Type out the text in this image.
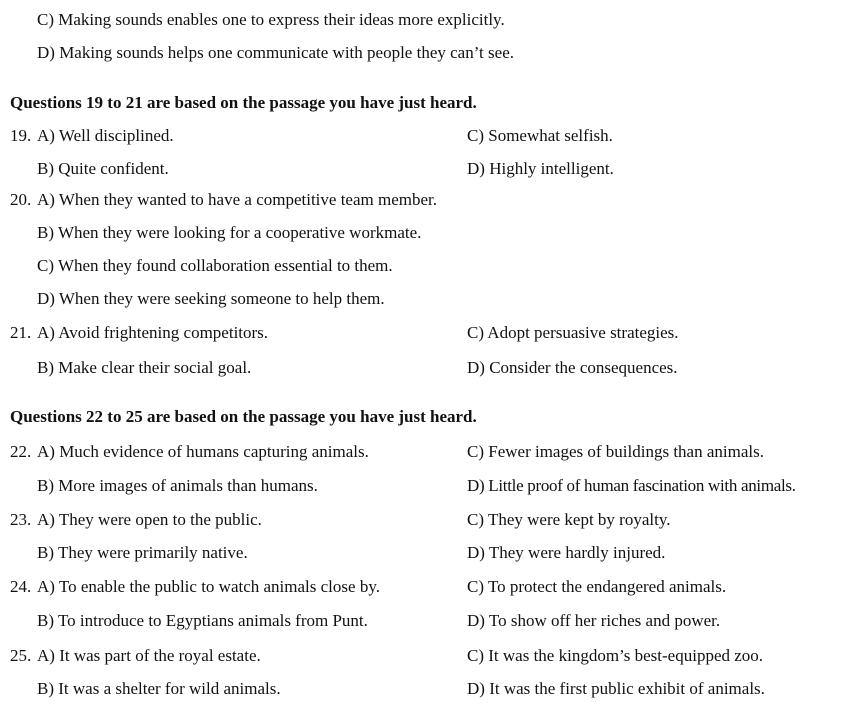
C) Making sounds enables one to express their ideas more explicitly.
D) Making sounds helps one communicate with people they can’t see.
Questions 19 to 21 are based on the passage you have just heard.
19. A) Well disciplined.	C) Somewhat selfish.
B) Quite confident.	D) Highly intelligent.
20. A) When they wanted to have a competitive team member.
B) When they were looking for a cooperative workmate.
C) When they found collaboration essential to them.
D) When they were seeking someone to help them.
21. A) Avoid frightening competitors.	C) Adopt persuasive strategies.
B) Make clear their social goal.	D) Consider the consequences.
Questions 22 to 25 are based on the passage you have just heard.
22. A) Much evidence of humans capturing animals.	C) Fewer images of buildings than animals.
B) More images of animals than humans.	D) Little proof of human fascination with animals.
23. A) They were open to the public.	C) They were kept by royalty.
B) They were primarily native.	D) They were hardly injured.
24. A) To enable the public to watch animals close by.	C) To protect the endangered animals.
B) To introduce to Egyptians animals from Punt.	D) To show off her riches and power.
25. A) It was part of the royal estate.	C) It was the kingdom’s best-equipped zoo.
B) It was a shelter for wild animals.	D) It was the first public exhibit of animals.
